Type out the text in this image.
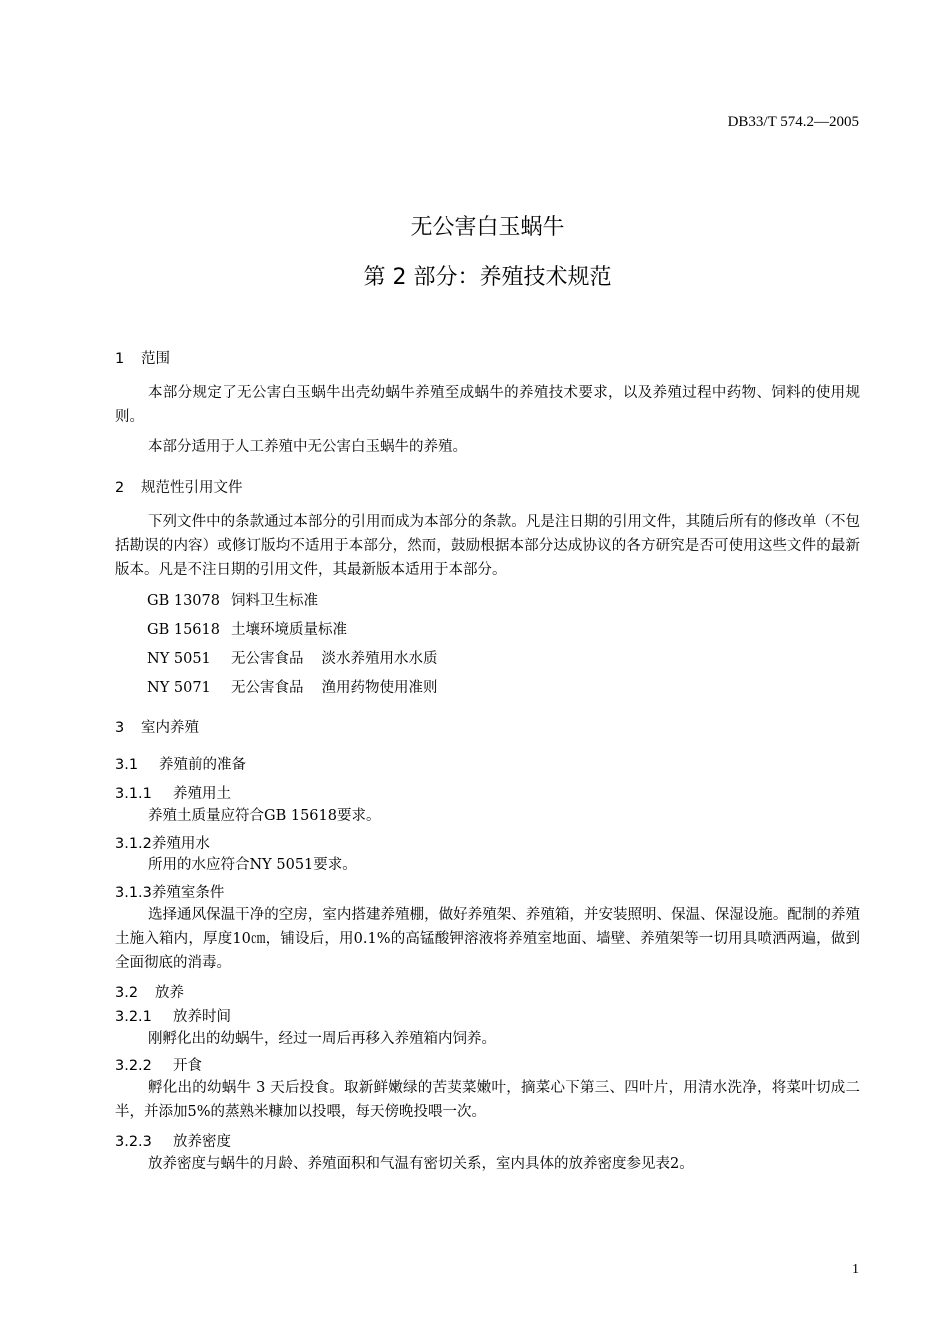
DB33/T 574.2—2005
无公害白玉蜗牛
第 2 部分：养殖技术规范
1 范围
本部分规定了无公害白玉蜗牛出壳幼蜗牛养殖至成蜗牛的养殖技术要求，以及养殖过程中药物、饲料的使用规则。
本部分适用于人工养殖中无公害白玉蜗牛的养殖。
2 规范性引用文件
下列文件中的条款通过本部分的引用而成为本部分的条款。凡是注日期的引用文件，其随后所有的修改单（不包括勘误的内容）或修订版均不适用于本部分，然而，鼓励根据本部分达成协议的各方研究是否可使用这些文件的最新版本。凡是不注日期的引用文件，其最新版本适用于本部分。
GB 13078 饲料卫生标准
GB 15618 土壤环境质量标准
NY 5051 无公害食品 淡水养殖用水水质
NY 5071 无公害食品 渔用药物使用准则
3 室内养殖
3.1 养殖前的准备
3.1.1 养殖用土
养殖土质量应符合GB 15618要求。
3.1.2养殖用水
所用的水应符合NY 5051要求。
3.1.3养殖室条件
选择通风保温干净的空房，室内搭建养殖棚，做好养殖架、养殖箱，并安装照明、保温、保湿设施。配制的养殖土施入箱内，厚度10㎝，铺设后，用0.1%的高锰酸钾溶液将养殖室地面、墙壁、养殖架等一切用具喷洒两遍，做到全面彻底的消毒。
3.2 放养
3.2.1 放养时间
刚孵化出的幼蜗牛，经过一周后再移入养殖箱内饲养。
3.2.2 开食
孵化出的幼蜗牛 3 天后投食。取新鲜嫩绿的苦荬菜嫩叶，摘菜心下第三、四叶片，用清水洗净，将菜叶切成二半，并添加5%的蒸熟米糠加以投喂，每天傍晚投喂一次。
3.2.3 放养密度
放养密度与蜗牛的月龄、养殖面积和气温有密切关系，室内具体的放养密度参见表2。
1
